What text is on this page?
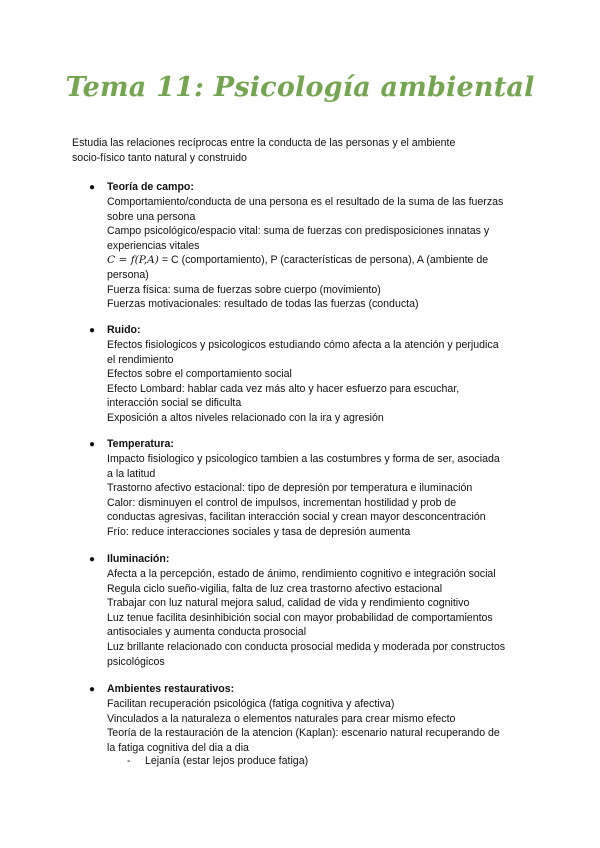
Tema 11: Psicología ambiental
Estudia las relaciones recíprocas entre la conducta de las personas y el ambiente
socio-físico tanto natural y construido
● Teoría de campo:
Comportamiento/conducta de una persona es el resultado de la suma de las fuerzas
sobre una persona
Campo psicológico/espacio vital: suma de fuerzas con predisposiciones innatas y
experiencias vitales
C = f(P,A) = C (comportamiento), P (características de persona), A (ambiente de
persona)
Fuerza física: suma de fuerzas sobre cuerpo (movimiento)
Fuerzas motivacionales: resultado de todas las fuerzas (conducta)
● Ruido:
Efectos fisiologicos y psicologicos estudiando cómo afecta a la atención y perjudica
el rendimiento
Efectos sobre el comportamiento social
Efecto Lombard: hablar cada vez más alto y hacer esfuerzo para escuchar,
interacción social se dificulta
Exposición a altos niveles relacionado con la ira y agresión
● Temperatura:
Impacto fisiologico y psicologico tambien a las costumbres y forma de ser, asociada
a la latitud
Trastorno afectivo estacional: tipo de depresión por temperatura e iluminación
Calor: disminuyen el control de impulsos, incrementan hostilidad y prob de
conductas agresivas, facilitan interacción social y crean mayor desconcentración
Frío: reduce interacciones sociales y tasa de depresión aumenta
● Iluminación:
Afecta a la percepción, estado de ánimo, rendimiento cognitivo e integración social
Regula ciclo sueño-vigilia, falta de luz crea trastorno afectivo estacional
Trabajar con luz natural mejora salud, calidad de vida y rendimiento cognitivo
Luz tenue facilita desinhibición social con mayor probabilidad de comportamientos
antisociales y aumenta conducta prosocial
Luz brillante relacionado con conducta prosocial medida y moderada por constructos
psicológicos
● Ambientes restaurativos:
Facilitan recuperación psicológica (fatiga cognitiva y afectiva)
Vinculados a la naturaleza o elementos naturales para crear mismo efecto
Teoría de la restauración de la atencion (Kaplan): escenario natural recuperando de
la fatiga cognitiva del dia a dia
- Lejanía (estar lejos produce fatiga)
